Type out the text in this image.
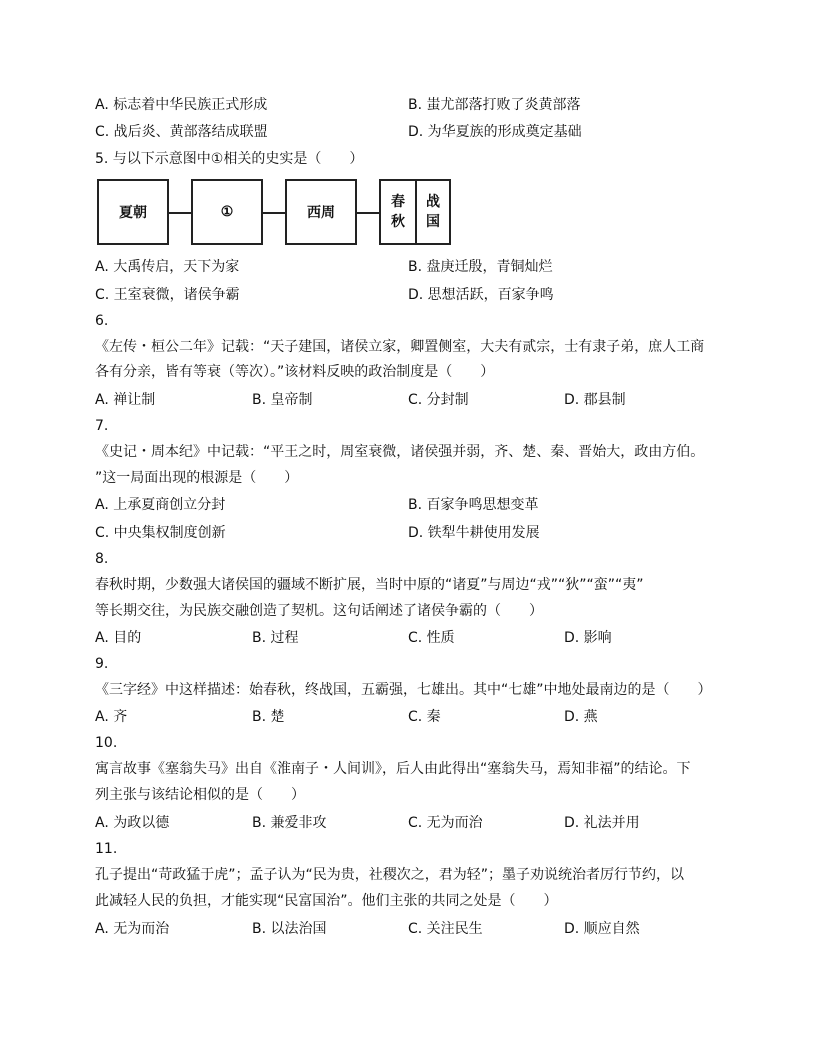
A. 标志着中华民族正式形成	B. 蚩尤部落打败了炎黄部落
C. 战后炎、黄部落结成联盟	D. 为华夏族的形成奠定基础
5. 与以下示意图中①相关的史实是（　　）
夏朝	①	西周
春
秋
战
国
A. 大禹传启，天下为家	B. 盘庚迁殷，青铜灿烂
C. 王室衰微，诸侯争霸	D. 思想活跃，百家争鸣
6.
《左传・桓公二年》记载：“天子建国，诸侯立家，卿置侧室，大夫有贰宗，士有隶子弟，庶人工商
各有分亲，皆有等衰（等次）。”该材料反映的政治制度是（　　）
A. 禅让制	B. 皇帝制	C. 分封制	D. 郡县制
7.
《史记・周本纪》中记载：“平王之时，周室衰微，诸侯强并弱，齐、楚、秦、晋始大，政由方伯。
”这一局面出现的根源是（　　）
A. 上承夏商创立分封	B. 百家争鸣思想变革
C. 中央集权制度创新	D. 铁犁牛耕使用发展
8.
春秋时期，少数强大诸侯国的疆域不断扩展，当时中原的“诸夏”与周边“戎”“狄”“蛮”“夷”
等长期交往，为民族交融创造了契机。这句话阐述了诸侯争霸的（　　）
A. 目的	B. 过程	C. 性质	D. 影响
9.
《三字经》中这样描述：始春秋，终战国，五霸强，七雄出。其中“七雄”中地处最南边的是（　　）
A. 齐	B. 楚	C. 秦	D. 燕
10.
寓言故事《塞翁失马》出自《淮南子・人间训》，后人由此得出“塞翁失马，焉知非福”的结论。下
列主张与该结论相似的是（　　）
A. 为政以德	B. 兼爱非攻	C. 无为而治	D. 礼法并用
11.
孔子提出“苛政猛于虎”；孟子认为“民为贵，社稷次之，君为轻”；墨子劝说统治者厉行节约，以
此减轻人民的负担，才能实现“民富国治”。他们主张的共同之处是（　　）
A. 无为而治	B. 以法治国	C. 关注民生	D. 顺应自然
